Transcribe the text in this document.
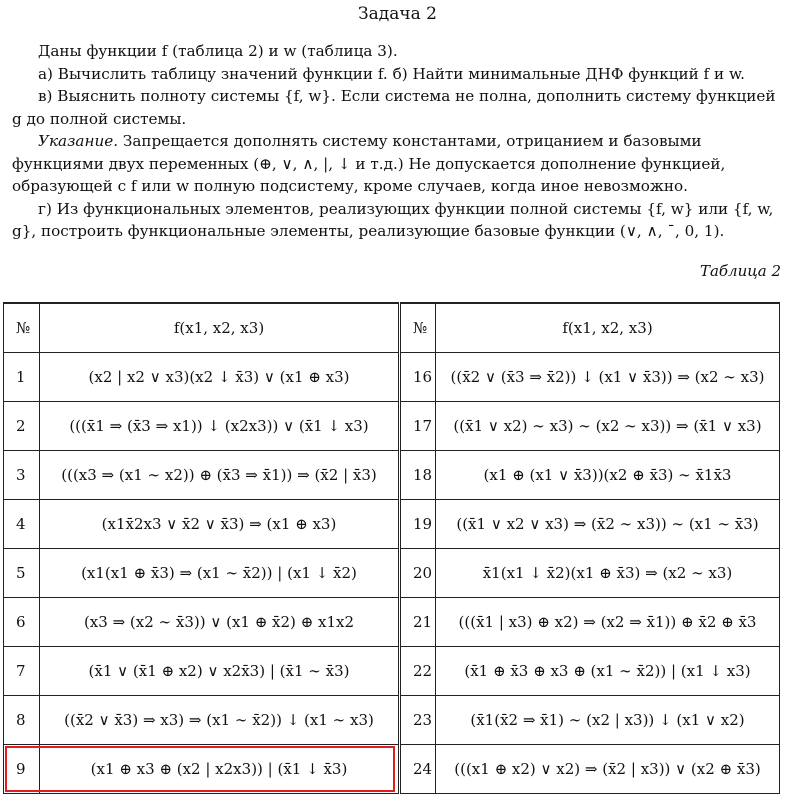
Задача 2

Даны функции f (таблица 2) и w (таблица 3).

а) Вычислить таблицу значений функции f. б) Найти минимальные ДНФ функций f и w.

в) Выяснить полноту системы {f, w}. Если система не полна, дополнить систему функцией g до полной системы.

Указание. Запрещается дополнять систему константами, отрицанием и базовыми функциями двух переменных (⊕, ∨, ∧, |, ↓ и т.д.) Не допускается дополнение функцией, образующей с f или w полную подсистему, кроме случаев, когда иное невозможно.

г) Из функциональных элементов, реализующих функции полной системы {f, w} или {f, w, g}, построить функциональные элементы, реализующие базовые функции (∨, ∧, ¯, 0, 1).

Таблица 2
№	f(x1, x2, x3)	№	f(x1, x2, x3)
1	(x2 | x2 ∨ x3)(x2 ↓ x̄3) ∨ (x1 ⊕ x3)	16	((x̄2 ∨ (x̄3 ⇒ x̄2)) ↓ (x1 ∨ x̄3)) ⇒ (x2 ∼ x3)
2	(((x̄1 ⇒ (x̄3 ⇒ x1)) ↓ (x2x3)) ∨ (x̄1 ↓ x3)	17	((x̄1 ∨ x2) ∼ x3) ∼ (x2 ∼ x3)) ⇒ (x̄1 ∨ x3)
3	(((x3 ⇒ (x1 ∼ x2)) ⊕ (x̄3 ⇒ x̄1)) ⇒ (x̄2 | x̄3)	18	(x1 ⊕ (x1 ∨ x̄3))(x2 ⊕ x̄3) ∼ x̄1x̄3
4	(x1x̄2x3 ∨ x̄2 ∨ x̄3) ⇒ (x1 ⊕ x3)	19	((x̄1 ∨ x2 ∨ x3) ⇒ (x̄2 ∼ x3)) ∼ (x1 ∼ x̄3)
5	(x1(x1 ⊕ x̄3) ⇒ (x1 ∼ x̄2)) | (x1 ↓ x̄2)	20	x̄1(x1 ↓ x̄2)(x1 ⊕ x̄3) ⇒ (x2 ∼ x3)
6	(x3 ⇒ (x2 ∼ x̄3)) ∨ (x1 ⊕ x̄2) ⊕ x1x2	21	(((x̄1 | x3) ⊕ x2) ⇒ (x2 ⇒ x̄1)) ⊕ x̄2 ⊕ x̄3
7	(x̄1 ∨ (x̄1 ⊕ x2) ∨ x2x̄3) | (x̄1 ∼ x̄3)	22	(x̄1 ⊕ x̄3 ⊕ x3 ⊕ (x1 ∼ x̄2)) | (x1 ↓ x3)
8	((x̄2 ∨ x̄3) ⇒ x3) ⇒ (x1 ∼ x̄2)) ↓ (x1 ∼ x3)	23	(x̄1(x̄2 ⇒ x̄1) ∼ (x2 | x3)) ↓ (x1 ∨ x2)
9	(x1 ⊕ x3 ⊕ (x2 | x2x3)) | (x̄1 ↓ x̄3)	24	(((x1 ⊕ x2) ∨ x2) ⇒ (x̄2 | x3)) ∨ (x2 ⊕ x̄3)
